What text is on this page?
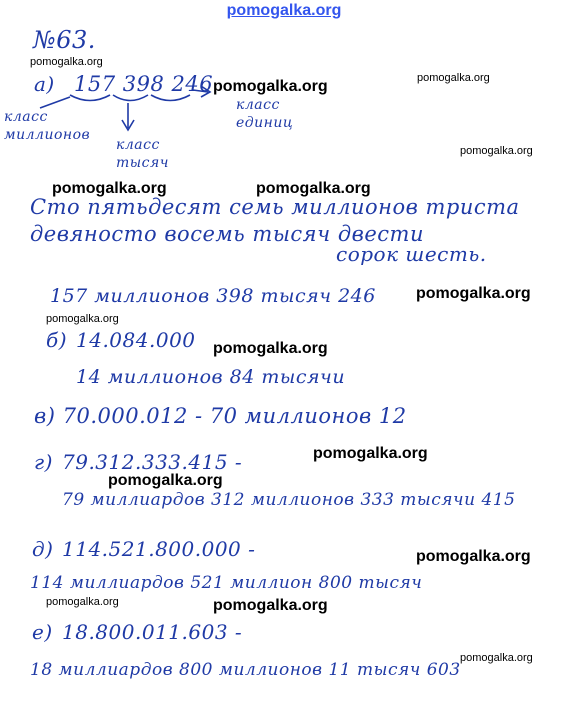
pomogalka.org
№63.
а) 157 398 246
класс миллионов
класс тысяч
класс единиц
Сто пятьдесят семь миллионов триста
девяносто восемь тысяч двести
сорок шесть.
157 миллионов 398 тысяч 246
б) 14.084.000
14 миллионов 84 тысячи
в) 70.000.012 - 70 миллионов 12
г) 79.312.333.415 -
79 миллиардов 312 миллионов 333 тысячи 415
д) 114.521.800.000 -
114 миллиардов 521 миллион 800 тысяч
е) 18.800.011.603 -
18 миллиардов 800 миллионов 11 тысяч 603
pomogalka.org
pomogalka.org	pomogalka.org
pomogalka.org
pomogalka.org	pomogalka.org
pomogalka.org
pomogalka.org
pomogalka.org
pomogalka.org
pomogalka.org
pomogalka.org
pomogalka.org	pomogalka.org
pomogalka.org
